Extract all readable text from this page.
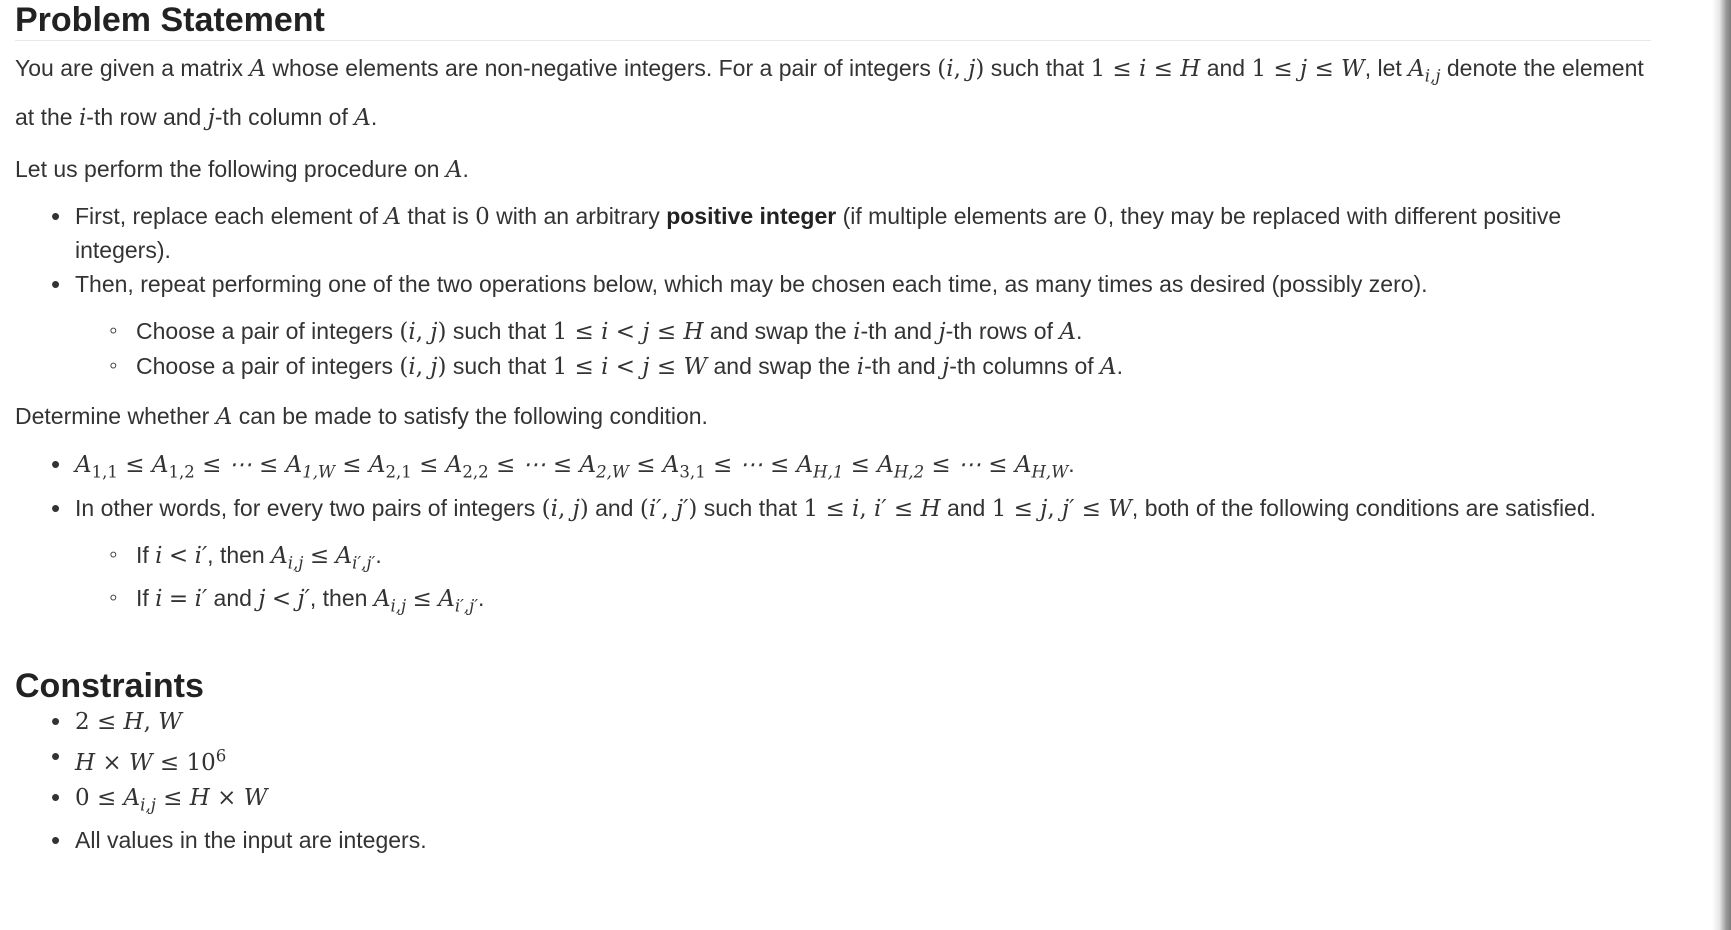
Problem Statement

You are given a matrix A whose elements are non-negative integers. For a pair of integers (i, j) such that 1 ≤ i ≤ H and 1 ≤ j ≤ W, let $A_{i,j}$ denote the element at the i-th row and j-th column of A.

Let us perform the following procedure on A.

• First, replace each element of A that is 0 with an arbitrary positive integer (if multiple elements are 0, they may be replaced with different positive integers).
• Then, repeat performing one of the two operations below, which may be chosen each time, as many times as desired (possibly zero).
◦ Choose a pair of integers (i, j) such that 1 ≤ i < j ≤ H and swap the i-th and j-th rows of A.
◦ Choose a pair of integers (i, j) such that 1 ≤ i < j ≤ W and swap the i-th and j-th columns of A.

Determine whether A can be made to satisfy the following condition.

• $A_{1,1} \le A_{1,2}$ ≤ ⋯ ≤ $A_{1,W} \le A_{2,1} \le A_{2,2}$ ≤ ⋯ ≤ $A_{2,W} \le A_{3,1}$ ≤ ⋯ ≤ $A_{H,1} \le A_{H,2}$ ≤ ⋯ ≤ $A_{H,W}$.
• In other words, for every two pairs of integers (i, j) and (i′, j′) such that 1 ≤ i, i′ ≤ H and 1 ≤ j, j′ ≤ W, both of the following conditions are satisfied.
◦ If i < i′, then $A_{i,j} \le A_{i',j'}$.
◦ If i = i′ and j < j′, then $A_{i,j} \le A_{i',j'}$.
Constraints
• 2 ≤ H, W
• $H \times W \le 10^6$
• $0 \le A_{i,j} \le H \times W$
• All values in the input are integers.
